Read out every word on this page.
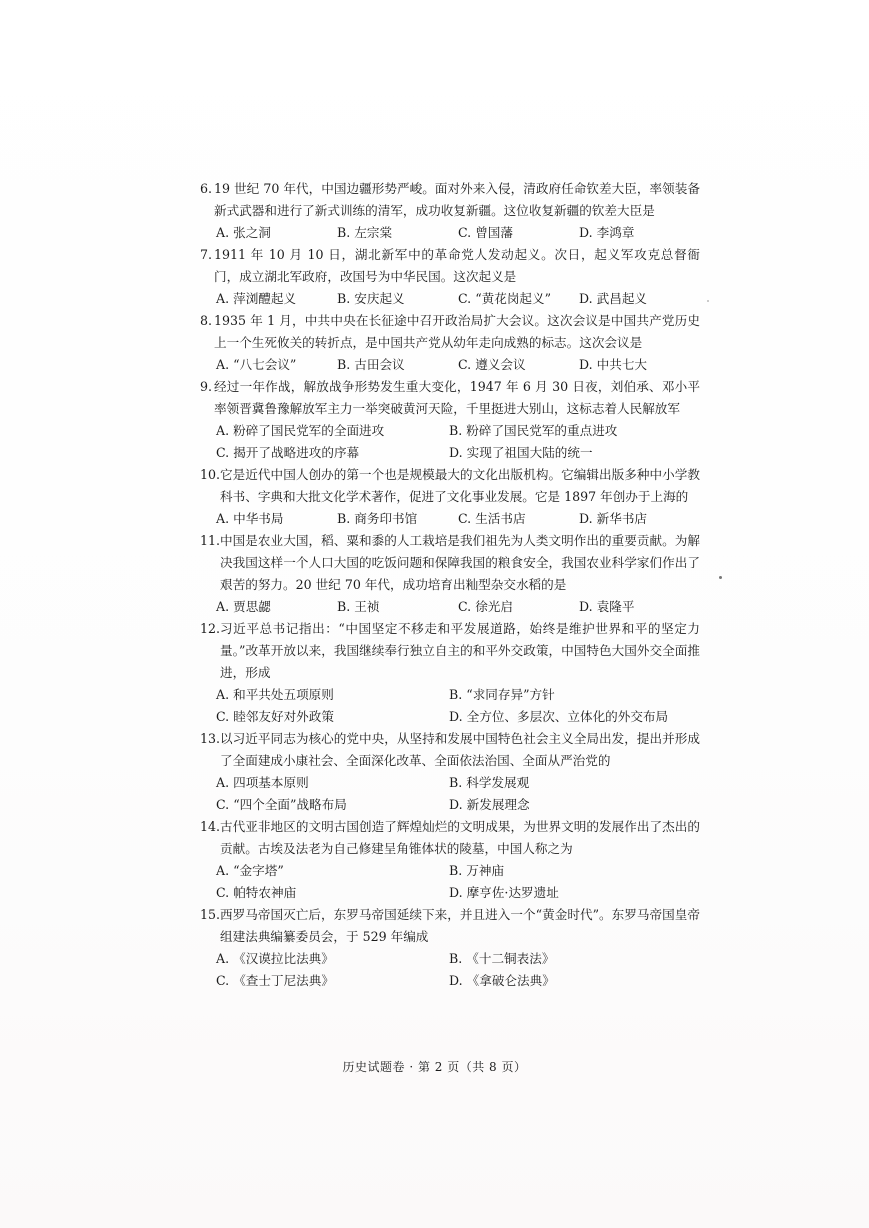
6. 19 世纪 70 年代，中国边疆形势严峻。面对外来入侵，清政府任命钦差大臣，率领装备新式武器和进行了新式训练的清军，成功收复新疆。这位收复新疆的钦差大臣是
A. 张之洞	B. 左宗棠	C. 曾国藩	D. 李鸿章
7. 1911 年 10 月 10 日，湖北新军中的革命党人发动起义。次日，起义军攻克总督衙门，成立湖北军政府，改国号为中华民国。这次起义是
A. 萍浏醴起义	B. 安庆起义	C. “黄花岗起义”	D. 武昌起义
8. 1935 年 1 月，中共中央在长征途中召开政治局扩大会议。这次会议是中国共产党历史上一个生死攸关的转折点，是中国共产党从幼年走向成熟的标志。这次会议是
A. “八七会议”	B. 古田会议	C. 遵义会议	D. 中共七大
9. 经过一年作战，解放战争形势发生重大变化，1947 年 6 月 30 日夜，刘伯承、邓小平率领晋冀鲁豫解放军主力一举突破黄河天险，千里挺进大别山，这标志着人民解放军
A. 粉碎了国民党军的全面进攻	B. 粉碎了国民党军的重点进攻
C. 揭开了战略进攻的序幕	D. 实现了祖国大陆的统一
10. 它是近代中国人创办的第一个也是规模最大的文化出版机构。它编辑出版多种中小学教科书、字典和大批文化学术著作，促进了文化事业发展。它是 1897 年创办于上海的
A. 中华书局	B. 商务印书馆	C. 生活书店	D. 新华书店
11. 中国是农业大国，稻、粟和黍的人工栽培是我们祖先为人类文明作出的重要贡献。为解决我国这样一个人口大国的吃饭问题和保障我国的粮食安全，我国农业科学家们作出了艰苦的努力。20 世纪 70 年代，成功培育出籼型杂交水稻的是
A. 贾思勰	B. 王祯	C. 徐光启	D. 袁隆平
12. 习近平总书记指出：“中国坚定不移走和平发展道路，始终是维护世界和平的坚定力量。”改革开放以来，我国继续奉行独立自主的和平外交政策，中国特色大国外交全面推进，形成
A. 和平共处五项原则	B. “求同存异”方针
C. 睦邻友好对外政策	D. 全方位、多层次、立体化的外交布局
13. 以习近平同志为核心的党中央，从坚持和发展中国特色社会主义全局出发，提出并形成了全面建成小康社会、全面深化改革、全面依法治国、全面从严治党的
A. 四项基本原则	B. 科学发展观
C. “四个全面”战略布局	D. 新发展理念
14. 古代亚非地区的文明古国创造了辉煌灿烂的文明成果，为世界文明的发展作出了杰出的贡献。古埃及法老为自己修建呈角锥体状的陵墓，中国人称之为
A. “金字塔”	B. 万神庙
C. 帕特农神庙	D. 摩亨佐·达罗遗址
15. 西罗马帝国灭亡后，东罗马帝国延续下来，并且进入一个“黄金时代”。东罗马帝国皇帝组建法典编纂委员会，于 529 年编成
A. 《汉谟拉比法典》	B. 《十二铜表法》
C. 《查士丁尼法典》	D. 《拿破仑法典》
历史试题卷 · 第 2 页（共 8 页）
